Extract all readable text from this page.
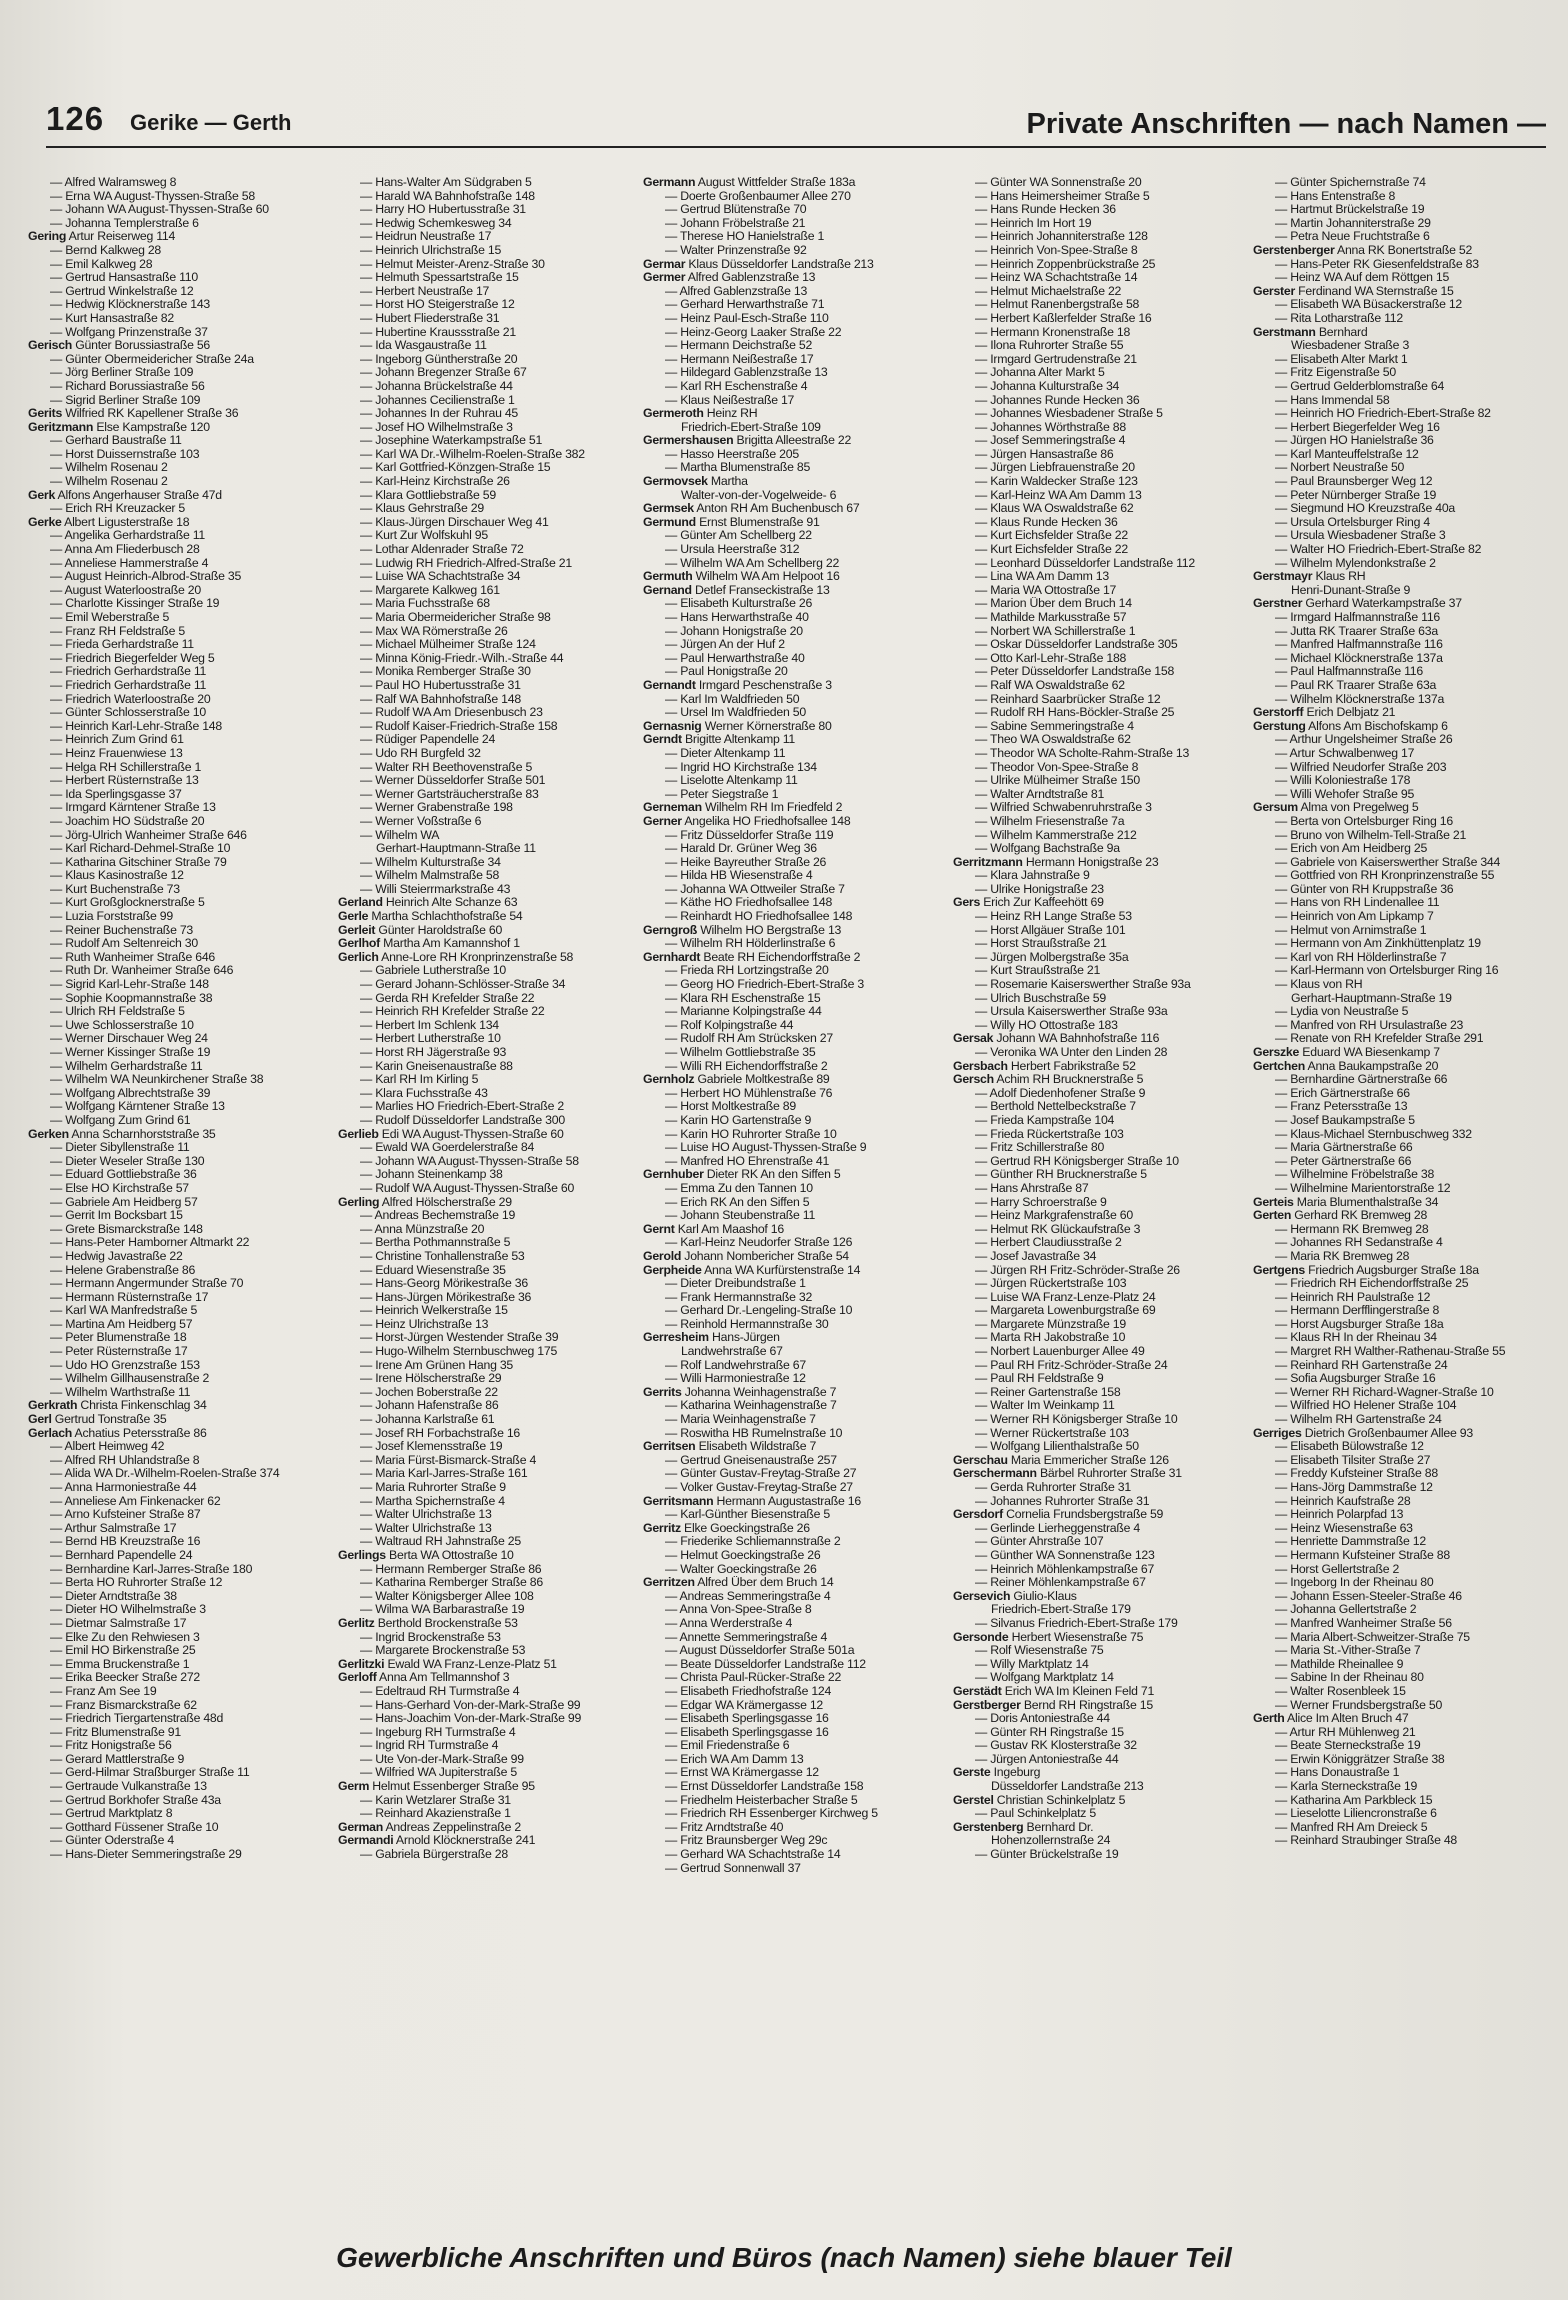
126 Gerike — Gerth	Private Anschriften — nach Namen —
— Alfred Walramsweg 8
— Erna WA August-Thyssen-Straße 58
— Johann WA August-Thyssen-Straße 60
— Johanna Templerstraße 6
Gering Artur Reiserweg 114
— Bernd Kalkweg 28
— Emil Kalkweg 28
— Gertrud Hansastraße 110
— Gertrud Winkelstraße 12
— Hedwig Klöcknerstraße 143
— Kurt Hansastraße 82
— Wolfgang Prinzenstraße 37
Gerisch Günter Borussiastraße 56
— Günter Obermeidericher Straße 24a
— Jörg Berliner Straße 109
— Richard Borussiastraße 56
— Sigrid Berliner Straße 109
Gerits Wilfried RK Kapellener Straße 36
Geritzmann Else Kampstraße 120
— Gerhard Baustraße 11
— Horst Duissernstraße 103
— Wilhelm Rosenau 2
— Wilhelm Rosenau 2
Gerk Alfons Angerhauser Straße 47d
— Erich RH Kreuzacker 5
Gerke Albert Ligusterstraße 18
— Angelika Gerhardstraße 11
— Anna Am Fliederbusch 28
— Anneliese Hammerstraße 4
— August Heinrich-Albrod-Straße 35
— August Waterloostraße 20
— Charlotte Kissinger Straße 19
— Emil Weberstraße 5
— Franz RH Feldstraße 5
— Frieda Gerhardstraße 11
— Friedrich Biegerfelder Weg 5
— Friedrich Gerhardstraße 11
— Friedrich Gerhardstraße 11
— Friedrich Waterloostraße 20
— Günter Schlosserstraße 10
— Heinrich Karl-Lehr-Straße 148
— Heinrich Zum Grind 61
— Heinz Frauenwiese 13
— Helga RH Schillerstraße 1
— Herbert Rüsternstraße 13
— Ida Sperlingsgasse 37
— Irmgard Kärntener Straße 13
— Joachim HO Südstraße 20
— Jörg-Ulrich Wanheimer Straße 646
— Karl Richard-Dehmel-Straße 10
— Katharina Gitschiner Straße 79
— Klaus Kasinostraße 12
— Kurt Buchenstraße 73
— Kurt Großglocknerstraße 5
— Luzia Forststraße 99
— Reiner Buchenstraße 73
— Rudolf Am Seltenreich 30
— Ruth Wanheimer Straße 646
— Ruth Dr. Wanheimer Straße 646
— Sigrid Karl-Lehr-Straße 148
— Sophie Koopmannstraße 38
— Ulrich RH Feldstraße 5
— Uwe Schlosserstraße 10
— Werner Dirschauer Weg 24
— Werner Kissinger Straße 19
— Wilhelm Gerhardstraße 11
— Wilhelm WA Neunkirchener Straße 38
— Wolfgang Albrechtstraße 39
— Wolfgang Kärntener Straße 13
— Wolfgang Zum Grind 61
Gerken Anna Scharnhorststraße 35
— Dieter Sibyllenstraße 11
— Dieter Weseler Straße 130
— Eduard Gottliebstraße 36
— Else HO Kirchstraße 57
— Gabriele Am Heidberg 57
— Gerrit Im Bocksbart 15
— Grete Bismarckstraße 148
— Hans-Peter Hamborner Altmarkt 22
— Hedwig Javastraße 22
— Helene Grabenstraße 86
— Hermann Angermunder Straße 70
— Hermann Rüsternstraße 17
— Karl WA Manfredstraße 5
— Martina Am Heidberg 57
— Peter Blumenstraße 18
— Peter Rüsternstraße 17
— Udo HO Grenzstraße 153
— Wilhelm Gillhausenstraße 2
— Wilhelm Warthstraße 11
Gerkrath Christa Finkenschlag 34
Gerl Gertrud Tonstraße 35
Gerlach Achatius Petersstraße 86
— Albert Heimweg 42
— Alfred RH Uhlandstraße 8
— Alida WA Dr.-Wilhelm-Roelen-Straße 374
— Anna Harmoniestraße 44
— Anneliese Am Finkenacker 62
— Arno Kufsteiner Straße 87
— Arthur Salmstraße 17
— Bernd HB Kreuzstraße 16
— Bernhard Papendelle 24
— Bernhardine Karl-Jarres-Straße 180
— Berta HO Ruhrorter Straße 12
— Dieter Arndtstraße 38
— Dieter HO Wilhelmstraße 3
— Dietmar Salmstraße 17
— Elke Zu den Rehwiesen 3
— Emil HO Birkenstraße 25
— Emma Bruckenstraße 1
— Erika Beecker Straße 272
— Franz Am See 19
— Franz Bismarckstraße 62
— Friedrich Tiergartenstraße 48d
— Fritz Blumenstraße 91
— Fritz Honigstraße 56
— Gerard Mattlerstraße 9
— Gerd-Hilmar Straßburger Straße 11
— Gertraude Vulkanstraße 13
— Gertrud Borkhofer Straße 43a
— Gertrud Marktplatz 8
— Gotthard Füssener Straße 10
— Günter Oderstraße 4
— Hans-Dieter Semmeringstraße 29
— Hans-Walter Am Südgraben 5
— Harald WA Bahnhofstraße 148
— Harry HO Hubertusstraße 31
— Hedwig Schemkesweg 34
— Heidrun Neustraße 17
— Heinrich Ulrichstraße 15
— Helmut Meister-Arenz-Straße 30
— Helmuth Spessartstraße 15
— Herbert Neustraße 17
— Horst HO Steigerstraße 12
— Hubert Fliederstraße 31
— Hubertine Kraussstraße 21
— Ida Wasgaustraße 11
— Ingeborg Güntherstraße 20
— Johann Bregenzer Straße 67
— Johanna Brückelstraße 44
— Johannes Cecilienstraße 1
— Johannes In der Ruhrau 45
— Josef HO Wilhelmstraße 3
— Josephine Waterkampstraße 51
— Karl WA Dr.-Wilhelm-Roelen-Straße 382
— Karl Gottfried-Könzgen-Straße 15
— Karl-Heinz Kirchstraße 26
— Klara Gottliebstraße 59
— Klaus Gehrstraße 29
— Klaus-Jürgen Dirschauer Weg 41
— Kurt Zur Wolfskuhl 95
— Lothar Aldenrader Straße 72
— Ludwig RH Friedrich-Alfred-Straße 21
— Luise WA Schachtstraße 34
— Margarete Kalkweg 161
— Maria Fuchsstraße 68
— Maria Obermeidericher Straße 98
— Max WA Römerstraße 26
— Michael Mülheimer Straße 124
— Minna König-Friedr.-Wilh.-Straße 44
— Monika Remberger Straße 30
— Paul HO Hubertusstraße 31
— Ralf WA Bahnhofstraße 148
— Rudolf WA Am Driesenbusch 23
— Rudolf Kaiser-Friedrich-Straße 158
— Rüdiger Papendelle 24
— Udo RH Burgfeld 32
— Walter RH Beethovenstraße 5
— Werner Düsseldorfer Straße 501
— Werner Gartsträucherstraße 83
— Werner Grabenstraße 198
— Werner Voßstraße 6
— Wilhelm WA
Gerhart-Hauptmann-Straße 11
— Wilhelm Kulturstraße 34
— Wilhelm Malmstraße 58
— Willi Steierrmarkstraße 43
Gerland Heinrich Alte Schanze 63
Gerle Martha Schlachthofstraße 54
Gerleit Günter Haroldstraße 60
Gerlhof Martha Am Kamannshof 1
Gerlich Anne-Lore RH Kronprinzenstraße 58
— Gabriele Lutherstraße 10
— Gerard Johann-Schlösser-Straße 34
— Gerda RH Krefelder Straße 22
— Heinrich RH Krefelder Straße 22
— Herbert Im Schlenk 134
— Herbert Lutherstraße 10
— Horst RH Jägerstraße 93
— Karin Gneisenaustraße 88
— Karl RH Im Kirling 5
— Klara Fuchsstraße 43
— Marlies HO Friedrich-Ebert-Straße 2
— Rudolf Düsseldorfer Landstraße 300
Gerlieb Edi WA August-Thyssen-Straße 60
— Ewald WA Goerdelerstraße 84
— Johann WA August-Thyssen-Straße 58
— Johann Steinenkamp 38
— Rudolf WA August-Thyssen-Straße 60
Gerling Alfred Hölscherstraße 29
— Andreas Bechemstraße 19
— Anna Münzstraße 20
— Bertha Pothmannstraße 5
— Christine Tonhallenstraße 53
— Eduard Wiesenstraße 35
— Hans-Georg Mörikestraße 36
— Hans-Jürgen Mörikestraße 36
— Heinrich Welkerstraße 15
— Heinz Ulrichstraße 13
— Horst-Jürgen Westender Straße 39
— Hugo-Wilhelm Sternbuschweg 175
— Irene Am Grünen Hang 35
— Irene Hölscherstraße 29
— Jochen Boberstraße 22
— Johann Hafenstraße 86
— Johanna Karlstraße 61
— Josef RH Forbachstraße 16
— Josef Klemensstraße 19
— Maria Fürst-Bismarck-Straße 4
— Maria Karl-Jarres-Straße 161
— Maria Ruhrorter Straße 9
— Martha Spichernstraße 4
— Walter Ulrichstraße 13
— Walter Ulrichstraße 13
— Waltraud RH Jahnstraße 25
Gerlings Berta WA Ottostraße 10
— Hermann Remberger Straße 86
— Katharina Remberger Straße 86
— Walter Königsberger Allee 108
— Wilma WA Barbarastraße 19
Gerlitz Berthold Brockenstraße 53
— Ingrid Brockenstraße 53
— Margarete Brockenstraße 53
Gerlitzki Ewald WA Franz-Lenze-Platz 51
Gerloff Anna Am Tellmannshof 3
— Edeltraud RH Turmstraße 4
— Hans-Gerhard Von-der-Mark-Straße 99
— Hans-Joachim Von-der-Mark-Straße 99
— Ingeburg RH Turmstraße 4
— Ingrid RH Turmstraße 4
— Ute Von-der-Mark-Straße 99
— Wilfried WA Jupiterstraße 5
Germ Helmut Essenberger Straße 95
— Karin Wetzlarer Straße 31
— Reinhard Akazienstraße 1
German Andreas Zeppelinstraße 2
Germandi Arnold Klöcknerstraße 241
— Gabriela Bürgerstraße 28
Germann August Wittfelder Straße 183a
— Doerte Großenbaumer Allee 270
— Gertrud Blütenstraße 70
— Johann Fröbelstraße 21
— Therese HO Hanielstraße 1
— Walter Prinzenstraße 92
Germar Klaus Düsseldorfer Landstraße 213
Germer Alfred Gablenzstraße 13
— Alfred Gablenzstraße 13
— Gerhard Herwarthstraße 71
— Heinz Paul-Esch-Straße 110
— Heinz-Georg Laaker Straße 22
— Hermann Deichstraße 52
— Hermann Neißestraße 17
— Hildegard Gablenzstraße 13
— Karl RH Eschenstraße 4
— Klaus Neißestraße 17
Germeroth Heinz RH
Friedrich-Ebert-Straße 109
Germershausen Brigitta Alleestraße 22
— Hasso Heerstraße 205
— Martha Blumenstraße 85
Germovsek Martha
Walter-von-der-Vogelweide- 6
Germsek Anton RH Am Buchenbusch 67
Germund Ernst Blumenstraße 91
— Günter Am Schellberg 22
— Ursula Heerstraße 312
— Wilhelm WA Am Schellberg 22
Germuth Wilhelm WA Am Helpoot 16
Gernand Detlef Franseckistraße 13
— Elisabeth Kulturstraße 26
— Hans Herwarthstraße 40
— Johann Honigstraße 20
— Jürgen An der Huf 2
— Paul Herwarthstraße 40
— Paul Honigstraße 20
Gernandt Irmgard Peschenstraße 3
— Karl Im Waldfrieden 50
— Ursel Im Waldfrieden 50
Gernasnig Werner Körnerstraße 80
Gerndt Brigitte Altenkamp 11
— Dieter Altenkamp 11
— Ingrid HO Kirchstraße 134
— Liselotte Altenkamp 11
— Peter Siegstraße 1
Gerneman Wilhelm RH Im Friedfeld 2
Gerner Angelika HO Friedhofsallee 148
— Fritz Düsseldorfer Straße 119
— Harald Dr. Grüner Weg 36
— Heike Bayreuther Straße 26
— Hilda HB Wiesenstraße 4
— Johanna WA Ottweiler Straße 7
— Käthe HO Friedhofsallee 148
— Reinhardt HO Friedhofsallee 148
Gerngroß Wilhelm HO Bergstraße 13
— Wilhelm RH Hölderlinstraße 6
Gernhardt Beate RH Eichendorffstraße 2
— Frieda RH Lortzingstraße 20
— Georg HO Friedrich-Ebert-Straße 3
— Klara RH Eschenstraße 15
— Marianne Kolpingstraße 44
— Rolf Kolpingstraße 44
— Rudolf RH Am Strücksken 27
— Wilhelm Gottliebstraße 35
— Willi RH Eichendorffstraße 2
Gernholz Gabriele Moltkestraße 89
— Herbert HO Mühlenstraße 76
— Horst Moltkestraße 89
— Karin HO Gartenstraße 9
— Karin HO Ruhrorter Straße 10
— Luise HO August-Thyssen-Straße 9
— Manfred HO Ehrenstraße 41
Gernhuber Dieter RK An den Siffen 5
— Emma Zu den Tannen 10
— Erich RK An den Siffen 5
— Johann Steubenstraße 11
Gernt Karl Am Maashof 16
— Karl-Heinz Neudorfer Straße 126
Gerold Johann Nombericher Straße 54
Gerpheide Anna WA Kurfürstenstraße 14
— Dieter Dreibundstraße 1
— Frank Hermannstraße 32
— Gerhard Dr.-Lengeling-Straße 10
— Reinhold Hermannstraße 30
Gerresheim Hans-Jürgen
Landwehrstraße 67
— Rolf Landwehrstraße 67
— Willi Harmoniestraße 12
Gerrits Johanna Weinhagenstraße 7
— Katharina Weinhagenstraße 7
— Maria Weinhagenstraße 7
— Roswitha HB Rumelnstraße 10
Gerritsen Elisabeth Wildstraße 7
— Gertrud Gneisenaustraße 257
— Günter Gustav-Freytag-Straße 27
— Volker Gustav-Freytag-Straße 27
Gerritsmann Hermann Augustastraße 16
— Karl-Günther Biesenstraße 5
Gerritz Elke Goeckingstraße 26
— Friederike Schliemannstraße 2
— Helmut Goeckingstraße 26
— Walter Goeckingstraße 26
Gerritzen Alfred Über dem Bruch 14
— Andreas Semmeringstraße 4
— Anna Von-Spee-Straße 8
— Anna Werderstraße 4
— Annette Semmeringstraße 4
— August Düsseldorfer Straße 501a
— Beate Düsseldorfer Landstraße 112
— Christa Paul-Rücker-Straße 22
— Elisabeth Friedhofstraße 124
— Edgar WA Krämergasse 12
— Elisabeth Sperlingsgasse 16
— Elisabeth Sperlingsgasse 16
— Emil Friedenstraße 6
— Erich WA Am Damm 13
— Ernst WA Krämergasse 12
— Ernst Düsseldorfer Landstraße 158
— Friedhelm Heisterbacher Straße 5
— Friedrich RH Essenberger Kirchweg 5
— Fritz Arndtstraße 40
— Fritz Braunsberger Weg 29c
— Gerhard WA Schachtstraße 14
— Gertrud Sonnenwall 37
— Günter WA Sonnenstraße 20
— Hans Heimersheimer Straße 5
— Hans Runde Hecken 36
— Heinrich Im Hort 19
— Heinrich Johanniterstraße 128
— Heinrich Von-Spee-Straße 8
— Heinrich Zoppenbrückstraße 25
— Heinz WA Schachtstraße 14
— Helmut Michaelstraße 22
— Helmut Ranenbergstraße 58
— Herbert Kaßlerfelder Straße 16
— Hermann Kronenstraße 18
— Ilona Ruhrorter Straße 55
— Irmgard Gertrudenstraße 21
— Johanna Alter Markt 5
— Johanna Kulturstraße 34
— Johannes Runde Hecken 36
— Johannes Wiesbadener Straße 5
— Johannes Wörthstraße 88
— Josef Semmeringstraße 4
— Jürgen Hansastraße 86
— Jürgen Liebfrauenstraße 20
— Karin Waldecker Straße 123
— Karl-Heinz WA Am Damm 13
— Klaus WA Oswaldstraße 62
— Klaus Runde Hecken 36
— Kurt Eichsfelder Straße 22
— Kurt Eichsfelder Straße 22
— Leonhard Düsseldorfer Landstraße 112
— Lina WA Am Damm 13
— Maria WA Ottostraße 17
— Marion Über dem Bruch 14
— Mathilde Markusstraße 57
— Norbert WA Schillerstraße 1
— Oskar Düsseldorfer Landstraße 305
— Otto Karl-Lehr-Straße 188
— Peter Düsseldorfer Landstraße 158
— Ralf WA Oswaldstraße 62
— Reinhard Saarbrücker Straße 12
— Rudolf RH Hans-Böckler-Straße 25
— Sabine Semmeringstraße 4
— Theo WA Oswaldstraße 62
— Theodor WA Scholte-Rahm-Straße 13
— Theodor Von-Spee-Straße 8
— Ulrike Mülheimer Straße 150
— Walter Arndtstraße 81
— Wilfried Schwabenruhrstraße 3
— Wilhelm Friesenstraße 7a
— Wilhelm Kammerstraße 212
— Wolfgang Bachstraße 9a
Gerritzmann Hermann Honigstraße 23
— Klara Jahnstraße 9
— Ulrike Honigstraße 23
Gers Erich Zur Kaffeehött 69
— Heinz RH Lange Straße 53
— Horst Allgäuer Straße 101
— Horst Straußstraße 21
— Jürgen Molbergstraße 35a
— Kurt Straußstraße 21
— Rosemarie Kaiserswerther Straße 93a
— Ulrich Buschstraße 59
— Ursula Kaiserswerther Straße 93a
— Willy HO Ottostraße 183
Gersak Johann WA Bahnhofstraße 116
— Veronika WA Unter den Linden 28
Gersbach Herbert Fabrikstraße 52
Gersch Achim RH Brucknerstraße 5
— Adolf Diedenhofener Straße 9
— Berthold Nettelbeckstraße 7
— Frieda Kampstraße 104
— Frieda Rückertstraße 103
— Fritz Schillerstraße 80
— Gertrud RH Königsberger Straße 10
— Günther RH Brucknerstraße 5
— Hans Ahrstraße 87
— Harry Schroerstraße 9
— Heinz Markgrafenstraße 60
— Helmut RK Glückaufstraße 3
— Herbert Claudiusstraße 2
— Josef Javastraße 34
— Jürgen RH Fritz-Schröder-Straße 26
— Jürgen Rückertstraße 103
— Luise WA Franz-Lenze-Platz 24
— Margareta Lowenburgstraße 69
— Margarete Münzstraße 19
— Marta RH Jakobstraße 10
— Norbert Lauenburger Allee 49
— Paul RH Fritz-Schröder-Straße 24
— Paul RH Feldstraße 9
— Reiner Gartenstraße 158
— Walter Im Weinkamp 11
— Werner RH Königsberger Straße 10
— Werner Rückertstraße 103
— Wolfgang Lilienthalstraße 50
Gerschau Maria Emmericher Straße 126
Gerschermann Bärbel Ruhrorter Straße 31
— Gerda Ruhrorter Straße 31
— Johannes Ruhrorter Straße 31
Gersdorf Cornelia Frundsbergstraße 59
— Gerlinde Lierheggenstraße 4
— Günter Ahrstraße 107
— Günther WA Sonnenstraße 123
— Heinrich Möhlenkampstraße 67
— Reiner Möhlenkampstraße 67
Gersevich Giulio-Klaus
Friedrich-Ebert-Straße 179
— Silvanus Friedrich-Ebert-Straße 179
Gersonde Herbert Wiesenstraße 75
— Rolf Wiesenstraße 75
— Willy Marktplatz 14
— Wolfgang Marktplatz 14
Gerstädt Erich WA Im Kleinen Feld 71
Gerstberger Bernd RH Ringstraße 15
— Doris Antoniestraße 44
— Günter RH Ringstraße 15
— Gustav RK Klosterstraße 32
— Jürgen Antoniestraße 44
Gerste Ingeburg
Düsseldorfer Landstraße 213
Gerstel Christian Schinkelplatz 5
— Paul Schinkelplatz 5
Gerstenberg Bernhard Dr.
Hohenzollernstraße 24
— Günter Brückelstraße 19
— Günter Spichernstraße 74
— Hans Entenstraße 8
— Hartmut Brückelstraße 19
— Martin Johanniterstraße 29
— Petra Neue Fruchtstraße 6
Gerstenberger Anna RK Bonertstraße 52
— Hans-Peter RK Giesenfeldstraße 83
— Heinz WA Auf dem Röttgen 15
Gerster Ferdinand WA Sternstraße 15
— Elisabeth WA Büsackerstraße 12
— Rita Lotharstraße 112
Gerstmann Bernhard
Wiesbadener Straße 3
— Elisabeth Alter Markt 1
— Fritz Eigenstraße 50
— Gertrud Gelderblomstraße 64
— Hans Immendal 58
— Heinrich HO Friedrich-Ebert-Straße 82
— Herbert Biegerfelder Weg 16
— Jürgen HO Hanielstraße 36
— Karl Manteuffelstraße 12
— Norbert Neustraße 50
— Paul Braunsberger Weg 12
— Peter Nürnberger Straße 19
— Siegmund HO Kreuzstraße 40a
— Ursula Ortelsburger Ring 4
— Ursula Wiesbadener Straße 3
— Walter HO Friedrich-Ebert-Straße 82
— Wilhelm Mylendonkstraße 2
Gerstmayr Klaus RH
Henri-Dunant-Straße 9
Gerstner Gerhard Waterkampstraße 37
— Irmgard Halfmannstraße 116
— Jutta RK Traarer Straße 63a
— Manfred Halfmannstraße 116
— Michael Klöcknerstraße 137a
— Paul Halfmannstraße 116
— Paul RK Traarer Straße 63a
— Wilhelm Klöcknerstraße 137a
Gerstorff Erich Delbjatz 21
Gerstung Alfons Am Bischofskamp 6
— Arthur Ungelsheimer Straße 26
— Artur Schwalbenweg 17
— Wilfried Neudorfer Straße 203
— Willi Koloniestraße 178
— Willi Wehofer Straße 95
Gersum Alma von Pregelweg 5
— Berta von Ortelsburger Ring 16
— Bruno von Wilhelm-Tell-Straße 21
— Erich von Am Heidberg 25
— Gabriele von Kaiserswerther Straße 344
— Gottfried von RH Kronprinzenstraße 55
— Günter von RH Kruppstraße 36
— Hans von RH Lindenallee 11
— Heinrich von Am Lipkamp 7
— Helmut von Arnimstraße 1
— Hermann von Am Zinkhüttenplatz 19
— Karl von RH Hölderlinstraße 7
— Karl-Hermann von Ortelsburger Ring 16
— Klaus von RH
Gerhart-Hauptmann-Straße 19
— Lydia von Neustraße 5
— Manfred von RH Ursulastraße 23
— Renate von RH Krefelder Straße 291
Gerszke Eduard WA Biesenkamp 7
Gertchen Anna Baukampstraße 20
— Bernhardine Gärtnerstraße 66
— Erich Gärtnerstraße 66
— Franz Petersstraße 13
— Josef Baukampstraße 5
— Klaus-Michael Sternbuschweg 332
— Maria Gärtnerstraße 66
— Peter Gärtnerstraße 66
— Wilhelmine Fröbelstraße 38
— Wilhelmine Marientorstraße 12
Gerteis Maria Blumenthalstraße 34
Gerten Gerhard RK Bremweg 28
— Hermann RK Bremweg 28
— Johannes RH Sedanstraße 4
— Maria RK Bremweg 28
Gertgens Friedrich Augsburger Straße 18a
— Friedrich RH Eichendorffstraße 25
— Heinrich RH Paulstraße 12
— Hermann Derfflingerstraße 8
— Horst Augsburger Straße 18a
— Klaus RH In der Rheinau 34
— Margret RH Walther-Rathenau-Straße 55
— Reinhard RH Gartenstraße 24
— Sofia Augsburger Straße 16
— Werner RH Richard-Wagner-Straße 10
— Wilfried HO Helener Straße 104
— Wilhelm RH Gartenstraße 24
Gerriges Dietrich Großenbaumer Allee 93
— Elisabeth Bülowstraße 12
— Elisabeth Tilsiter Straße 27
— Freddy Kufsteiner Straße 88
— Hans-Jörg Dammstraße 12
— Heinrich Kaufstraße 28
— Heinrich Polarpfad 13
— Heinz Wiesenstraße 63
— Henriette Dammstraße 12
— Hermann Kufsteiner Straße 88
— Horst Gellertstraße 2
— Ingeborg In der Rheinau 80
— Johann Essen-Steeler-Straße 46
— Johanna Gellertstraße 2
— Manfred Wanheimer Straße 56
— Maria Albert-Schweitzer-Straße 75
— Maria St.-Vither-Straße 7
— Mathilde Rheinallee 9
— Sabine In der Rheinau 80
— Walter Rosenbleek 15
— Werner Frundsbergstraße 50
Gerth Alice Im Alten Bruch 47
— Artur RH Mühlenweg 21
— Beate Sterneckstraße 19
— Erwin Königgrätzer Straße 38
— Hans Donaustraße 1
— Karla Sterneckstraße 19
— Katharina Am Parkbleck 15
— Lieselotte Liliencronstraße 6
— Manfred RH Am Dreieck 5
— Reinhard Straubinger Straße 48
Gewerbliche Anschriften und Büros (nach Namen) siehe blauer Teil
